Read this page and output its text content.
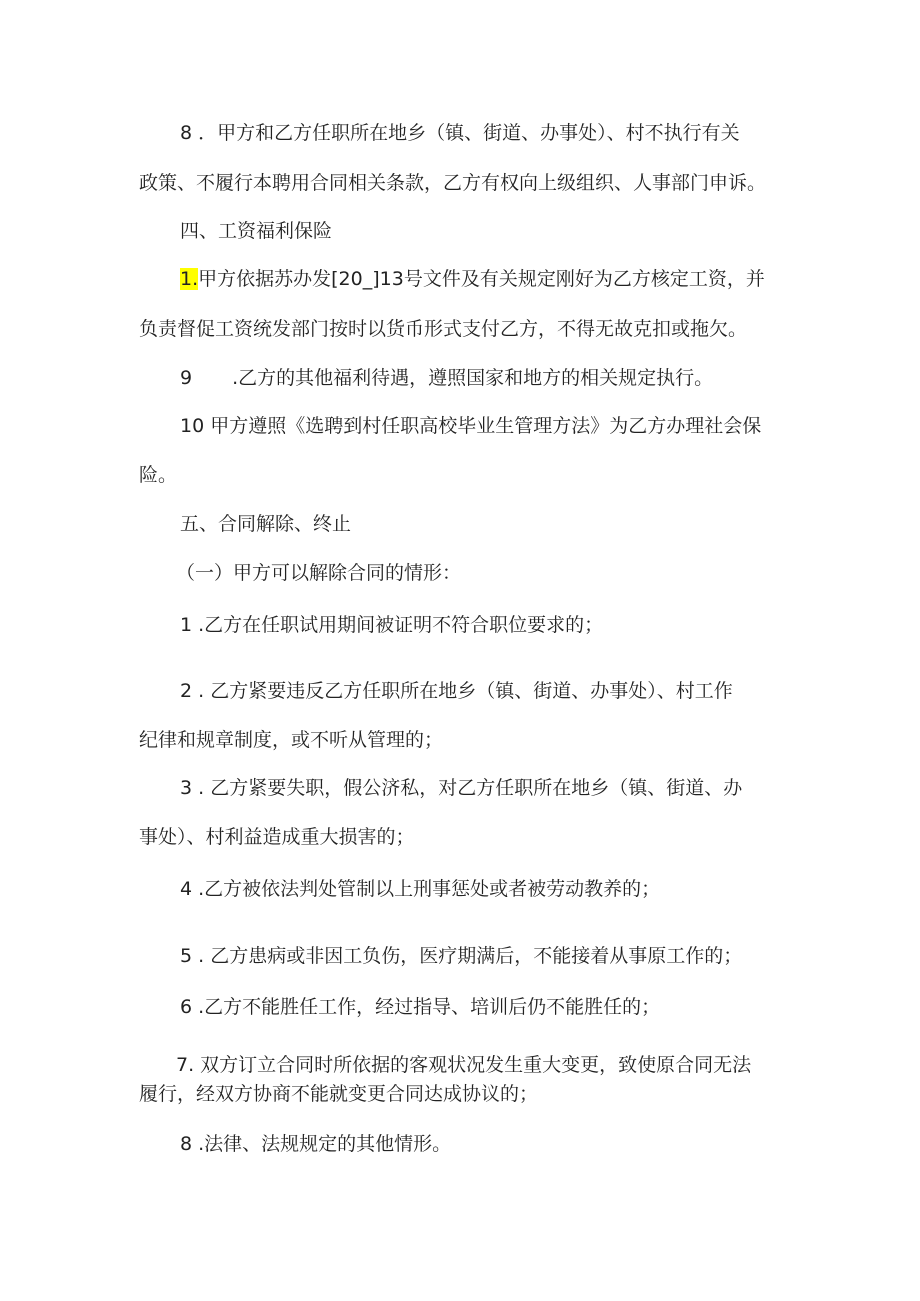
8 ．甲方和乙方任职所在地乡（镇、街道、办事处）、村不执行有关

政策、不履行本聘用合同相关条款，乙方有权向上级组织、人事部门申诉。

四、工资福利保险

1.甲方依据苏办发[20_]13号文件及有关规定刚好为乙方核定工资，并

负责督促工资统发部门按时以货币形式支付乙方，不得无故克扣或拖欠。

9 .乙方的其他福利待遇，遵照国家和地方的相关规定执行。

10 甲方遵照《选聘到村任职高校毕业生管理方法》为乙方办理社会保

险。

五、合同解除、终止

（一）甲方可以解除合同的情形：

1 .乙方在任职试用期间被证明不符合职位要求的；

2 . 乙方紧要违反乙方任职所在地乡（镇、街道、办事处）、村工作

纪律和规章制度，或不听从管理的；

3 . 乙方紧要失职，假公济私，对乙方任职所在地乡（镇、街道、办

事处）、村利益造成重大损害的；

4 .乙方被依法判处管制以上刑事惩处或者被劳动教养的；

5 . 乙方患病或非因工负伤，医疗期满后，不能接着从事原工作的；

6 .乙方不能胜任工作，经过指导、培训后仍不能胜任的；

7. 双方订立合同时所依据的客观状况发生重大变更，致使原合同无法

履行，经双方协商不能就变更合同达成协议的；

8 .法律、法规规定的其他情形。
